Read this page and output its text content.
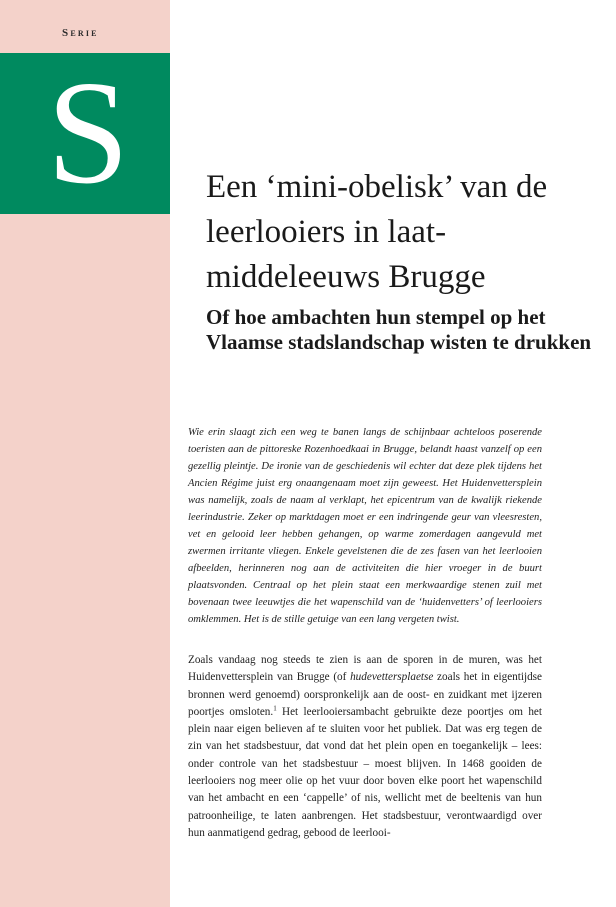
Serie
S	Een ‘mini-obelisk’ van de leerlooiers in laat-middeleeuws Brugge
Of hoe ambachten hun stempel op het Vlaamse stadslandschap wisten te drukken

Wie erin slaagt zich een weg te banen langs de schijnbaar achteloos poserende toeristen aan de pittoreske Rozenhoedkaai in Brugge, belandt haast vanzelf op een gezellig pleintje. De ironie van de geschiedenis wil echter dat deze plek tijdens het Ancien Régime juist erg onaangenaam moet zijn geweest. Het Huidenvettersplein was namelijk, zoals de naam al verklapt, het epicentrum van de kwalijk riekende leerindustrie. Zeker op marktdagen moet er een indringende geur van vleesresten, vet en gelooid leer hebben gehangen, op warme zomerdagen aangevuld met zwermen irritante vliegen. Enkele gevelstenen die de zes fasen van het leerlooien afbeelden, herinneren nog aan de activiteiten die hier vroeger in de buurt plaatsvonden. Centraal op het plein staat een merkwaardige stenen zuil met bovenaan twee leeuwtjes die het wapenschild van de ‘huidenvetters’ of leerlooiers omklemmen. Het is de stille getuige van een lang vergeten twist.

Zoals vandaag nog steeds te zien is aan de sporen in de muren, was het Huidenvettersplein van Brugge (of hudevettersplaetse zoals het in eigentijdse bronnen werd genoemd) oorspronkelijk aan de oost- en zuidkant met ijzeren poortjes omsloten.$^1$ Het leerlooiersambacht gebruikte deze poortjes om het plein naar eigen believen af te sluiten voor het publiek. Dat was erg tegen de zin van het stadsbestuur, dat vond dat het plein open en toegankelijk – lees: onder controle van het stadsbestuur – moest blijven. In 1468 gooiden de leerlooiers nog meer olie op het vuur door boven elke poort het wapenschild van het ambacht en een ‘cappelle’ of nis, wellicht met de beeltenis van hun patroonheilige, te laten aanbrengen. Het stadsbestuur, verontwaardigd over hun aanmatigend gedrag, gebood de leerlooi-
